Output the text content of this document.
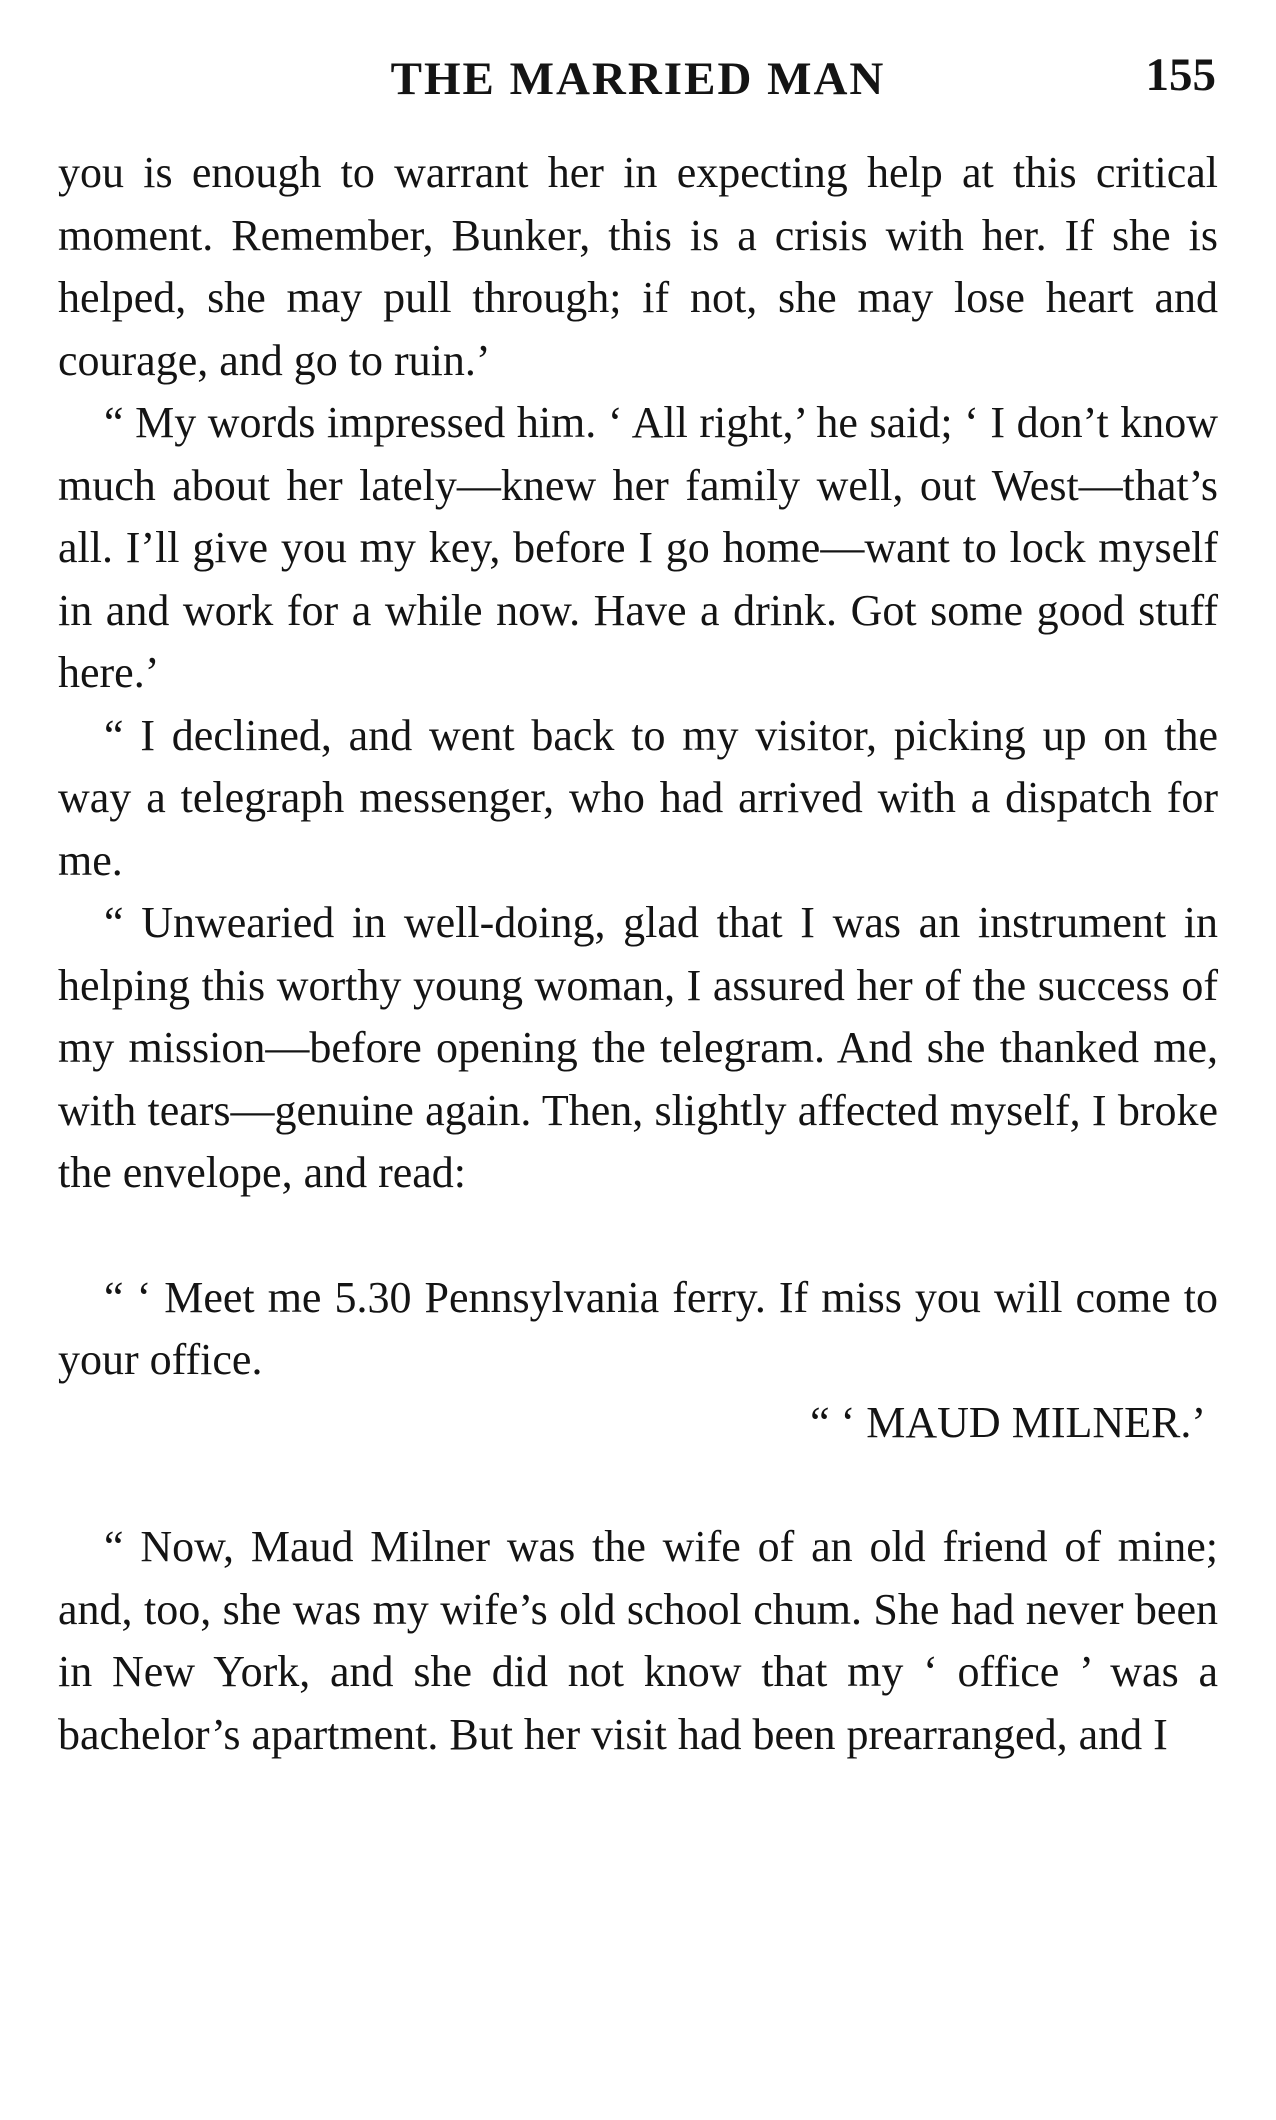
THE MARRIED MAN	155

you is enough to warrant her in expecting help at this critical moment. Remember, Bunker, this is a crisis with her. If she is helped, she may pull through; if not, she may lose heart and courage, and go to ruin.’

“ My words impressed him. ‘ All right,’ he said; ‘ I don’t know much about her lately—knew her family well, out West—that’s all. I’ll give you my key, before I go home—want to lock myself in and work for a while now. Have a drink. Got some good stuff here.’

“ I declined, and went back to my visitor, picking up on the way a telegraph messenger, who had arrived with a dispatch for me.

“ Unwearied in well-doing, glad that I was an instrument in helping this worthy young woman, I assured her of the success of my mission—before opening the telegram. And she thanked me, with tears—genuine again. Then, slightly affected myself, I broke the envelope, and read:

“ ‘ Meet me 5.30 Pennsylvania ferry. If miss you will come to your office.

“ ‘ MAUD MILNER.’

“ Now, Maud Milner was the wife of an old friend of mine; and, too, she was my wife’s old school chum. She had never been in New York, and she did not know that my ‘ office ’ was a bachelor’s apartment. But her visit had been prearranged, and I
